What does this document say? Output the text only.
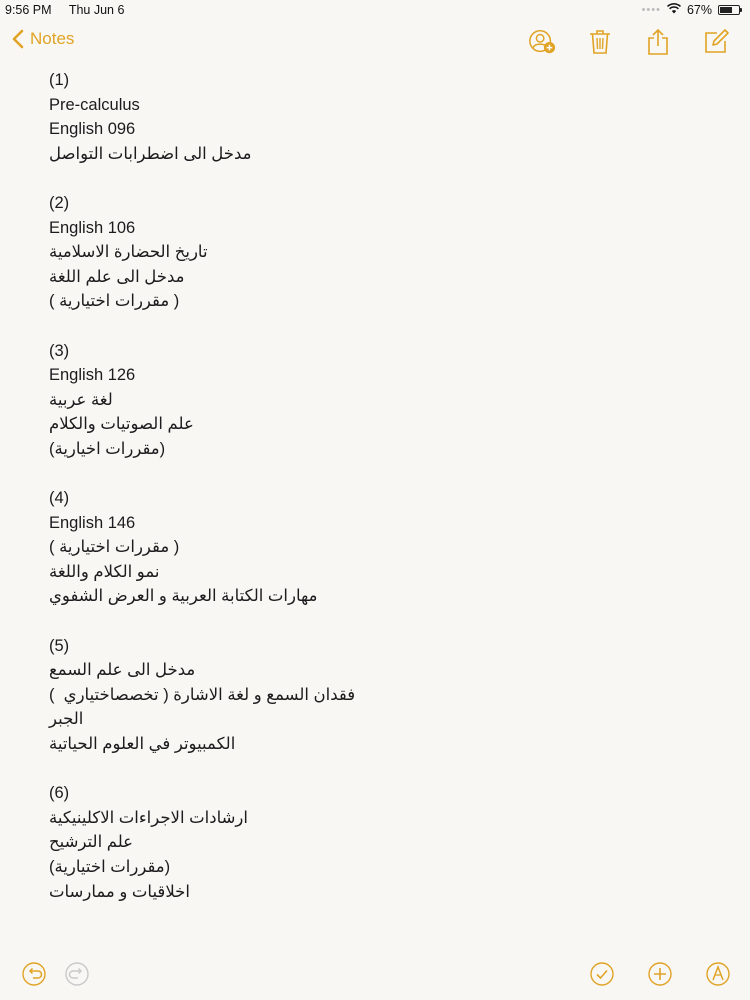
9:56 PM Thu Jun 6	•••• 67%
Notes
(1)
Pre-calculus
English 096
مدخل الى اضطرابات التواصل
(2)
English 106
تاريخ الحضارة الاسلامية
مدخل الى علم اللغة
( مقررات اختيارية )
(3)
English 126
لغة عربية
علم الصوتيات والكلام
(مقررات اخيارية)
(4)
English 146
( مقررات اختيارية )
نمو الكلام واللغة
مهارات الكتابة العربية و العرض الشفوي
(5)
مدخل الى علم السمع
فقدان السمع و لغة الاشارة ( تخصصاختياري  )
الجبر
الكمبيوتر في العلوم الحياتية
(6)
ارشادات الاجراءات الاكلينيكية
علم الترشيح
(مقررات اختيارية)
اخلاقيات و ممارسات
